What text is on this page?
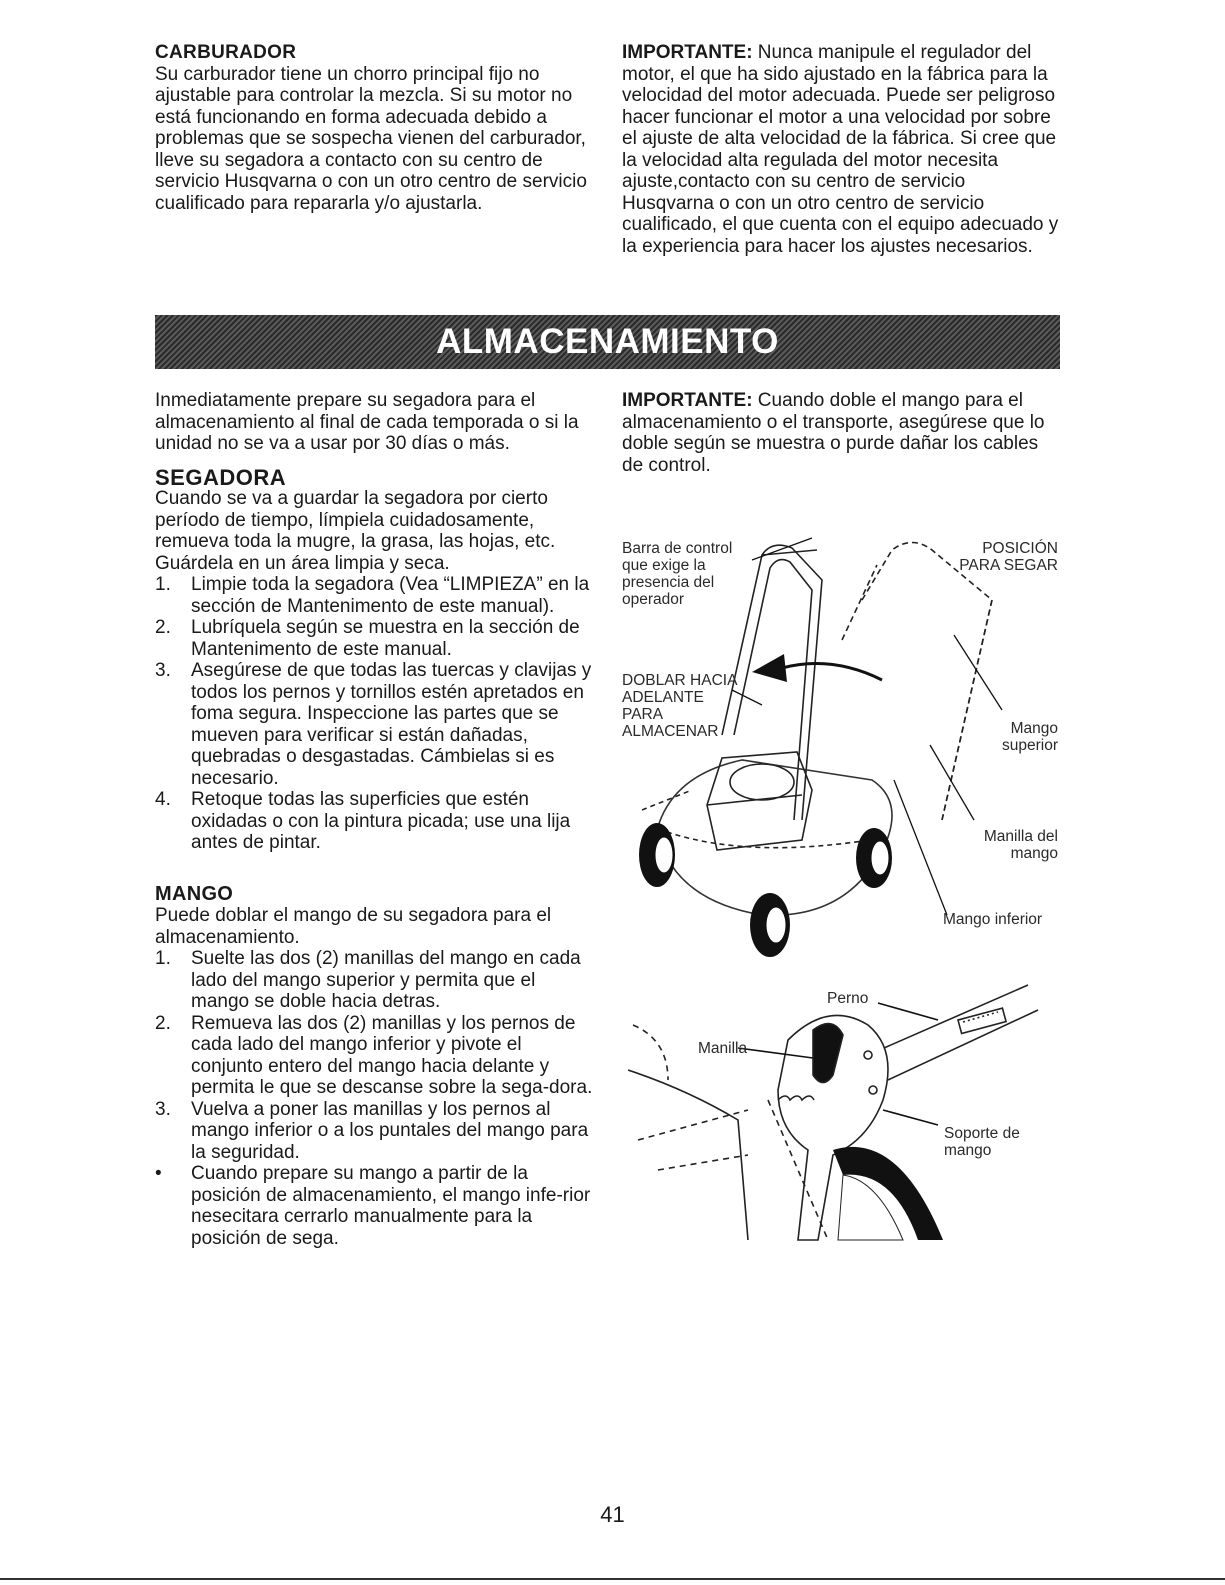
CARBURADOR

Su carburador tiene un chorro principal fijo no ajustable para controlar la mezcla. Si su motor no está funcionando en forma adecuada debido a problemas que se sospecha vienen del carburador, lleve su segadora a contacto con su centro de servicio Husqvarna o con un otro centro de servicio cualificado para repararla y/o ajustarla.

IMPORTANTE: Nunca manipule el regulador del motor, el que ha sido ajustado en la fábrica para la velocidad del motor adecuada. Puede ser peligroso hacer funcionar el motor a una velocidad por sobre el ajuste de alta velocidad de la fábrica. Si cree que la velocidad alta regulada del motor necesita ajuste,contacto con su centro de servicio Husqvarna o con un otro centro de servicio cualificado, el que cuenta con el equipo adecuado y la experiencia para hacer los ajustes necesarios.

ALMACENAMIENTO

Inmediatamente prepare su segadora para el almacenamiento al final de cada temporada o si la unidad no se va a usar por 30 días o más.

SEGADORA

Cuando se va a guardar la segadora por cierto período de tiempo, límpiela cuidadosamente, remueva toda la mugre, la grasa, las hojas, etc. Guárdela en un área limpia y seca.

1. Limpie toda la segadora (Vea “LIMPIEZA” en la sección de Mantenimento de este manual).
2. Lubríquela según se muestra en la sección de Mantenimento de este manual.
3. Asegúrese de que todas las tuercas y clavijas y todos los pernos y tornillos estén apretados en foma segura. Inspeccione las partes que se mueven para verificar si están dañadas, quebradas o desgastadas. Cámbielas si es necesario.
4. Retoque todas las superficies que estén oxidadas o con la pintura picada; use una lija antes de pintar.

MANGO

Puede doblar el mango de su segadora para el almacenamiento.

1. Suelte las dos (2) manillas del mango en cada lado del mango superior y permita que el mango se doble hacia detras.
2. Remueva las dos (2) manillas y los pernos de cada lado del mango inferior y pivote el conjunto entero del mango hacia delante y permita le que se descanse sobre la sega-dora.
3. Vuelva a poner las manillas y los pernos al mango inferior o a los puntales del mango para la seguridad.
• Cuando prepare su mango a partir de la posición de almacenamiento, el mango infe-rior nesecitara cerrarlo manualmente para la posición de sega.

IMPORTANTE: Cuando doble el mango para el almacenamiento o el transporte, asegúrese que lo doble según se muestra o purde dañar los cables de control.

Barra de control que exige la presencia del operador
POSICIÓN PARA SEGAR
DOBLAR HACIA ADELANTE PARA ALMACENAR	Mango superior
Manilla del mango
Mango inferior
Perno
Manilla
Soporte de mango
41
